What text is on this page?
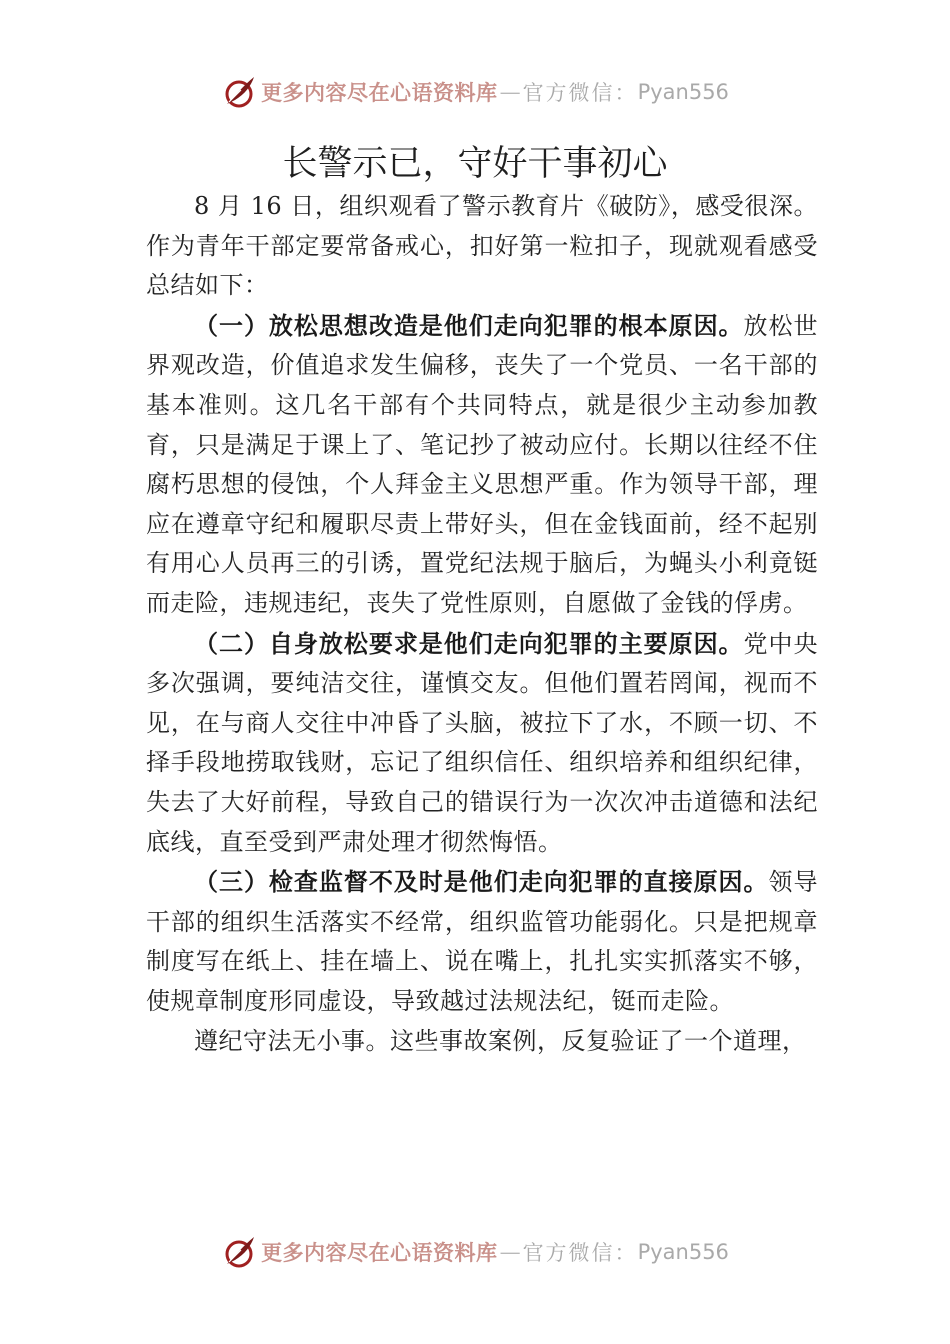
更多内容尽在心语资料库 — 官方微信： Pyan556
长警示已，守好干事初心

8 月 16 日，组织观看了警示教育片《破防》，感受很深。作为青年干部定要常备戒心，扣好第一粒扣子，现就观看感受总结如下：

（一）放松思想改造是他们走向犯罪的根本原因。放松世界观改造，价值追求发生偏移，丧失了一个党员、一名干部的基本准则。这几名干部有个共同特点，就是很少主动参加教育，只是满足于课上了、笔记抄了被动应付。长期以往经不住腐朽思想的侵蚀，个人拜金主义思想严重。作为领导干部，理应在遵章守纪和履职尽责上带好头，但在金钱面前，经不起别有用心人员再三的引诱，置党纪法规于脑后，为蝇头小利竟铤而走险，违规违纪，丧失了党性原则，自愿做了金钱的俘虏。

（二）自身放松要求是他们走向犯罪的主要原因。党中央多次强调，要纯洁交往，谨慎交友。但他们置若罔闻，视而不见，在与商人交往中冲昏了头脑，被拉下了水，不顾一切、不择手段地捞取钱财，忘记了组织信任、组织培养和组织纪律，失去了大好前程，导致自己的错误行为一次次冲击道德和法纪底线，直至受到严肃处理才彻然悔悟。

（三）检查监督不及时是他们走向犯罪的直接原因。领导干部的组织生活落实不经常，组织监管功能弱化。只是把规章制度写在纸上、挂在墙上、说在嘴上，扎扎实实抓落实不够，使规章制度形同虚设，导致越过法规法纪，铤而走险。

遵纪守法无小事。这些事故案例，反复验证了一个道理，

更多内容尽在心语资料库 — 官方微信： Pyan556
